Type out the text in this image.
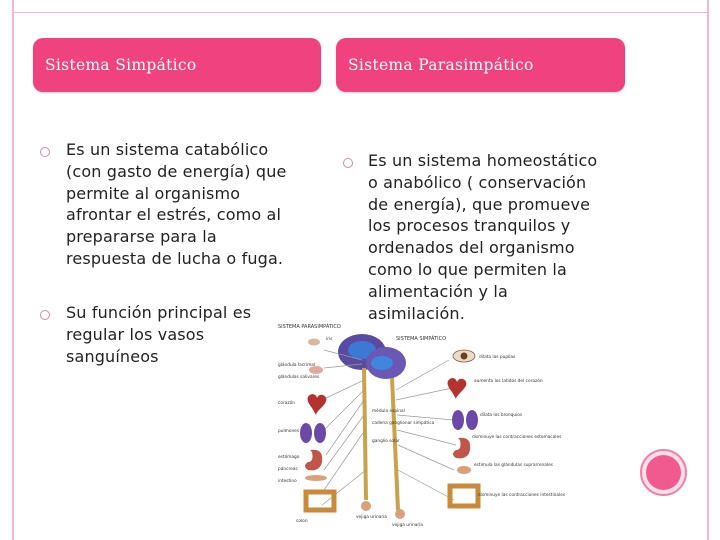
Sistema Simpático	Sistema Parasimpático
Es un sistema catabólico
(con gasto de energía) que
permite al organismo
afrontar el estrés, como al
prepararse para la
respuesta de lucha o fuga.
Su función principal es
regular los vasos
sanguíneos
Es un sistema homeostático
o anabólico ( conservación
de energía), que promueve
los procesos tranquilos y
ordenados del organismo
como lo que permiten la
alimentación y la
asimilación.
SISTEMA PARASIMPÁTICO
SISTEMA SIMPÁTICO
iris
glándula lacrimal
glándulas salivares
corazón
pulmones
estómago
páncreas
intestino
colon
dilata las pupilas
aumenta los latidos del corazón
dilata los bronquios
disminuye las contracciones estomacales
estimula las glándulas suprarrenales
disminuye las contracciones intestinales
médula espinal
cadena ganglionar simpática
ganglio solar
vejiga urinaria
vejiga urinaria
